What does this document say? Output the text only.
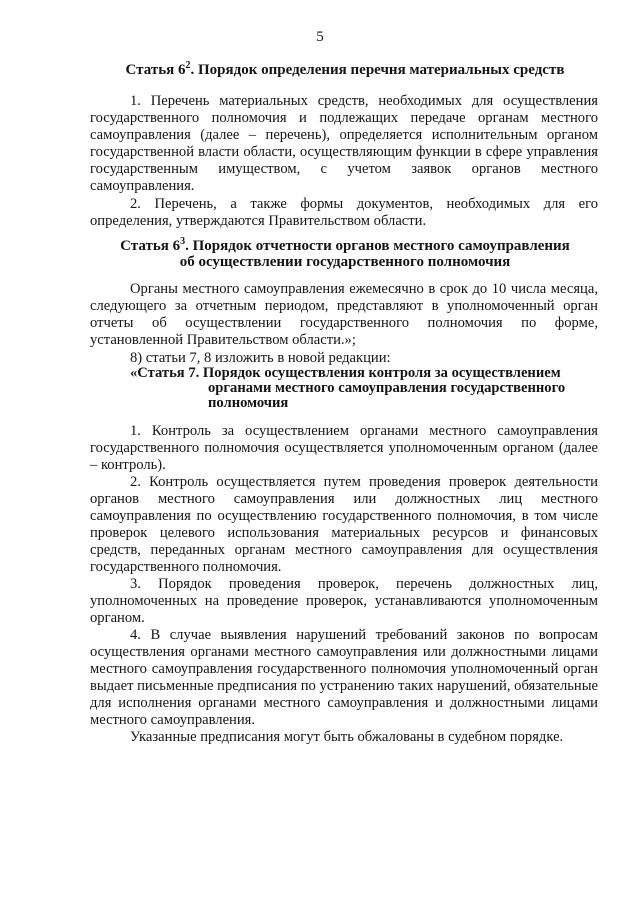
5
Статья $6^2$. Порядок определения перечня материальных средств
1. Перечень материальных средств, необходимых для осуществления государственного полномочия и подлежащих передаче органам местного самоуправления (далее – перечень), определяется исполнительным органом государственной власти области, осуществляющим функции в сфере управления государственным имуществом, с учетом заявок органов местного самоуправления.
2. Перечень, а также формы документов, необходимых для его определения, утверждаются Правительством области.
Статья $6^3$. Порядок отчетности органов местного самоуправления
об осуществлении государственного полномочия
Органы местного самоуправления ежемесячно в срок до 10 числа месяца, следующего за отчетным периодом, представляют в уполномоченный орган отчеты об осуществлении государственного полномочия по форме, установленной Правительством области.»;
8) статьи 7, 8 изложить в новой редакции:
«Статья 7. Порядок осуществления контроля за осуществлением
органами местного самоуправления государственного
полномочия
1. Контроль за осуществлением органами местного самоуправления государственного полномочия осуществляется уполномоченным органом (далее – контроль).
2. Контроль осуществляется путем проведения проверок деятельности органов местного самоуправления или должностных лиц местного самоуправления по осуществлению государственного полномочия, в том числе проверок целевого использования материальных ресурсов и финансовых средств, переданных органам местного самоуправления для осуществления государственного полномочия.
3. Порядок проведения проверок, перечень должностных лиц, уполномоченных на проведение проверок, устанавливаются уполномоченным органом.
4. В случае выявления нарушений требований законов по вопросам осуществления органами местного самоуправления или должностными лицами местного самоуправления государственного полномочия уполномоченный орган выдает письменные предписания по устранению таких нарушений, обязательные для исполнения органами местного самоуправления и должностными лицами местного самоуправления.
Указанные предписания могут быть обжалованы в судебном порядке.
